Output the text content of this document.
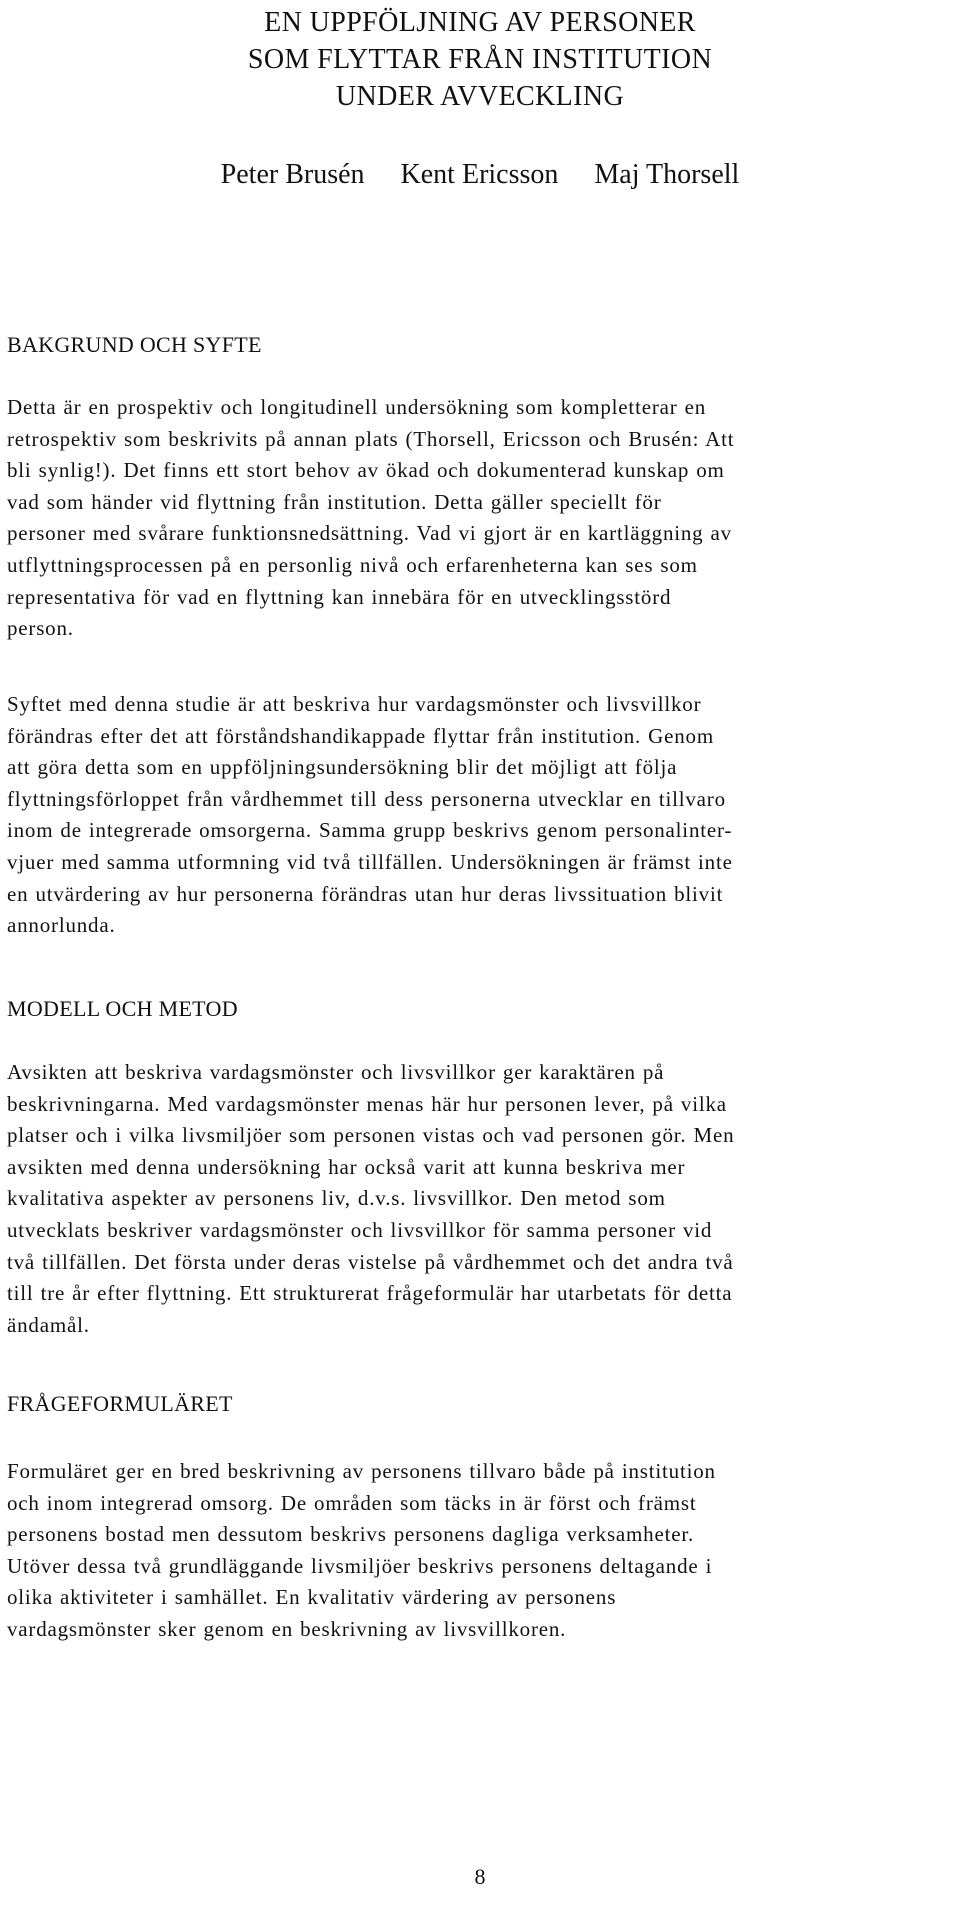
EN UPPFÖLJNING AV PERSONER

SOM FLYTTAR FRÅN INSTITUTION

UNDER AVVECKLING

Peter Brusén Kent Ericsson Maj Thorsell
BAKGRUND OCH SYFTE

Detta är en prospektiv och longitudinell undersökning som kompletterar en
retrospektiv som beskrivits på annan plats (Thorsell, Ericsson och Brusén: Att
bli synlig!). Det finns ett stort behov av ökad och dokumenterad kunskap om
vad som händer vid flyttning från institution. Detta gäller speciellt för
personer med svårare funktionsnedsättning. Vad vi gjort är en kartläggning av
utflyttningsprocessen på en personlig nivå och erfarenheterna kan ses som
representativa för vad en flyttning kan innebära för en utvecklingsstörd
person.

Syftet med denna studie är att beskriva hur vardagsmönster och livsvillkor
förändras efter det att förståndshandikappade flyttar från institution. Genom
att göra detta som en uppföljningsundersökning blir det möjligt att följa
flyttningsförloppet från vårdhemmet till dess personerna utvecklar en tillvaro
inom de integrerade omsorgerna. Samma grupp beskrivs genom personalinter-
vjuer med samma utformning vid två tillfällen. Undersökningen är främst inte
en utvärdering av hur personerna förändras utan hur deras livssituation blivit
annorlunda.

MODELL OCH METOD

Avsikten att beskriva vardagsmönster och livsvillkor ger karaktären på
beskrivningarna. Med vardagsmönster menas här hur personen lever, på vilka
platser och i vilka livsmiljöer som personen vistas och vad personen gör. Men
avsikten med denna undersökning har också varit att kunna beskriva mer
kvalitativa aspekter av personens liv, d.v.s. livsvillkor. Den metod som
utvecklats beskriver vardagsmönster och livsvillkor för samma personer vid
två tillfällen. Det första under deras vistelse på vårdhemmet och det andra två
till tre år efter flyttning. Ett strukturerat frågeformulär har utarbetats för detta
ändamål.

FRÅGEFORMULÄRET

Formuläret ger en bred beskrivning av personens tillvaro både på institution
och inom integrerad omsorg. De områden som täcks in är först och främst
personens bostad men dessutom beskrivs personens dagliga verksamheter.
Utöver dessa två grundläggande livsmiljöer beskrivs personens deltagande i
olika aktiviteter i samhället. En kvalitativ värdering av personens
vardagsmönster sker genom en beskrivning av livsvillkoren.

8
